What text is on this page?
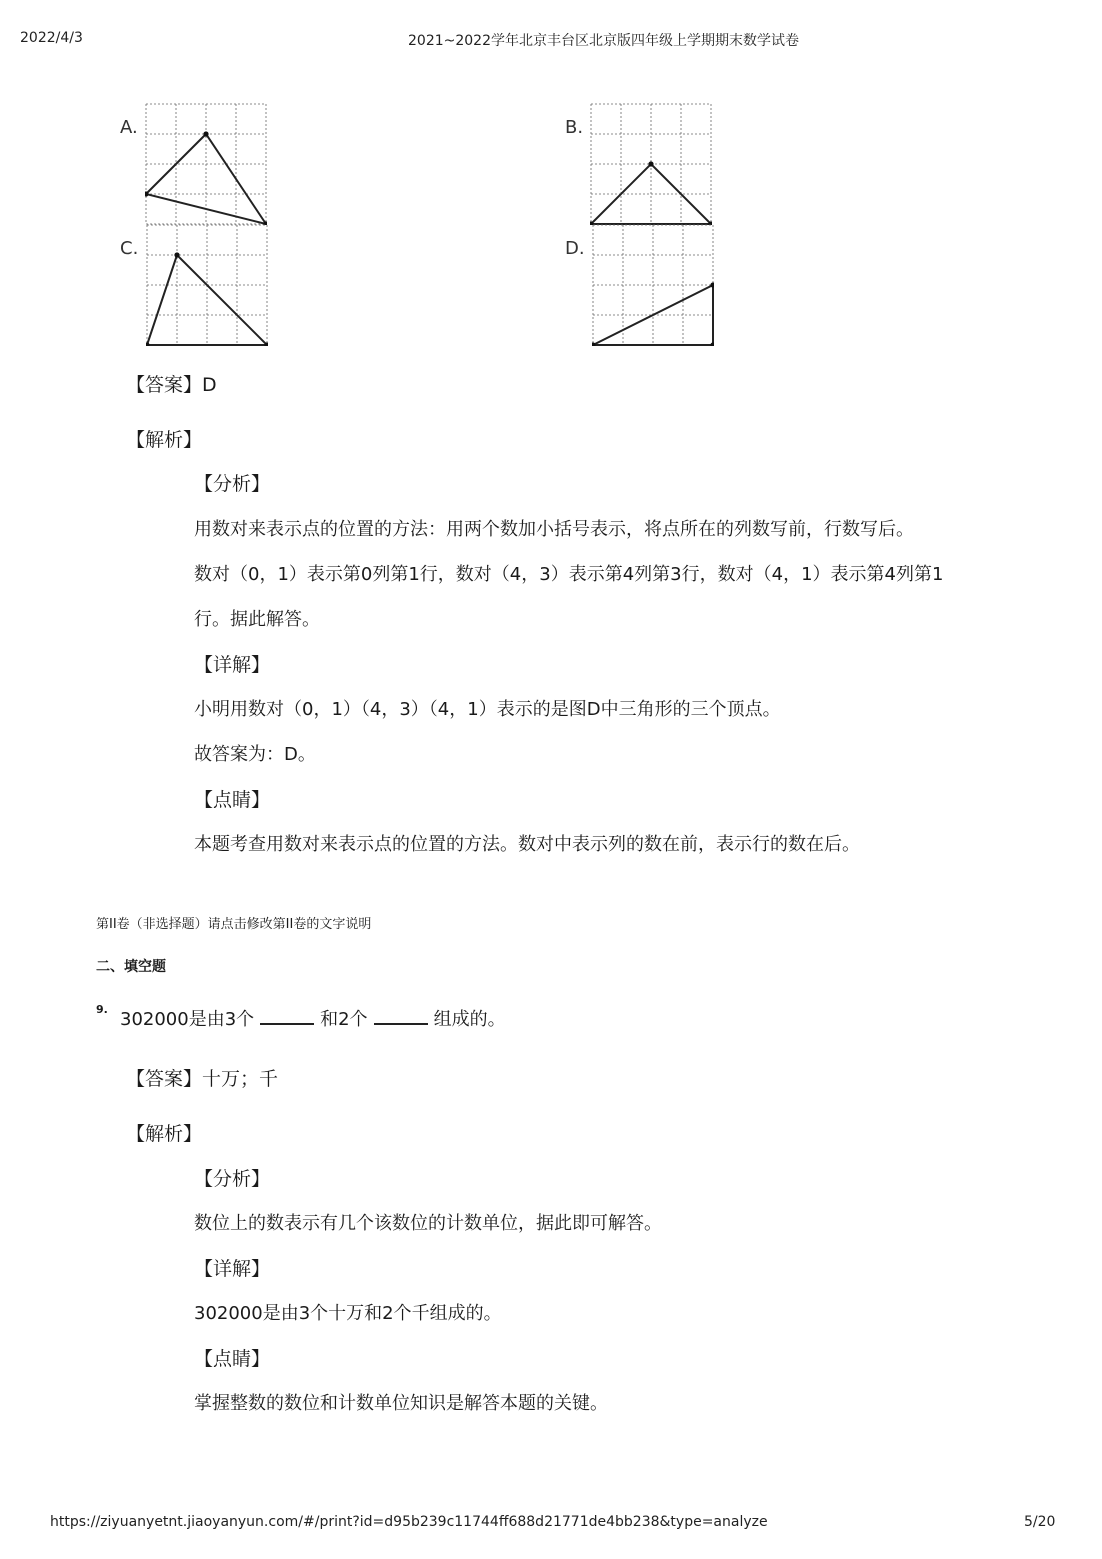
2022/4/3	2021~2022学年北京丰台区北京版四年级上学期期末数学试卷
A.	B.
C.	D.
【答案】D
【解析】
【分析】
用数对来表示点的位置的方法：用两个数加小括号表示，将点所在的列数写前，行数写后。
数对（0，1）表示第0列第1行，数对（4，3）表示第4列第3行，数对（4，1）表示第4列第1
行。据此解答。
【详解】
小明用数对（0，1）（4，3）（4，1）表示的是图D中三角形的三个顶点。
故答案为：D。
【点睛】
本题考查用数对来表示点的位置的方法。数对中表示列的数在前，表示行的数在后。
第II卷（非选择题）请点击修改第II卷的文字说明
二、填空题
9. 302000是由3个	和2个	组成的。
【答案】十万；千
【解析】
【分析】
数位上的数表示有几个该数位的计数单位，据此即可解答。
【详解】
302000是由3个十万和2个千组成的。
【点睛】
掌握整数的数位和计数单位知识是解答本题的关键。
https://ziyuanyetnt.jiaoyanyun.com/#/print?id=d95b239c11744ff688d21771de4bb238&type=analyze	5/20
